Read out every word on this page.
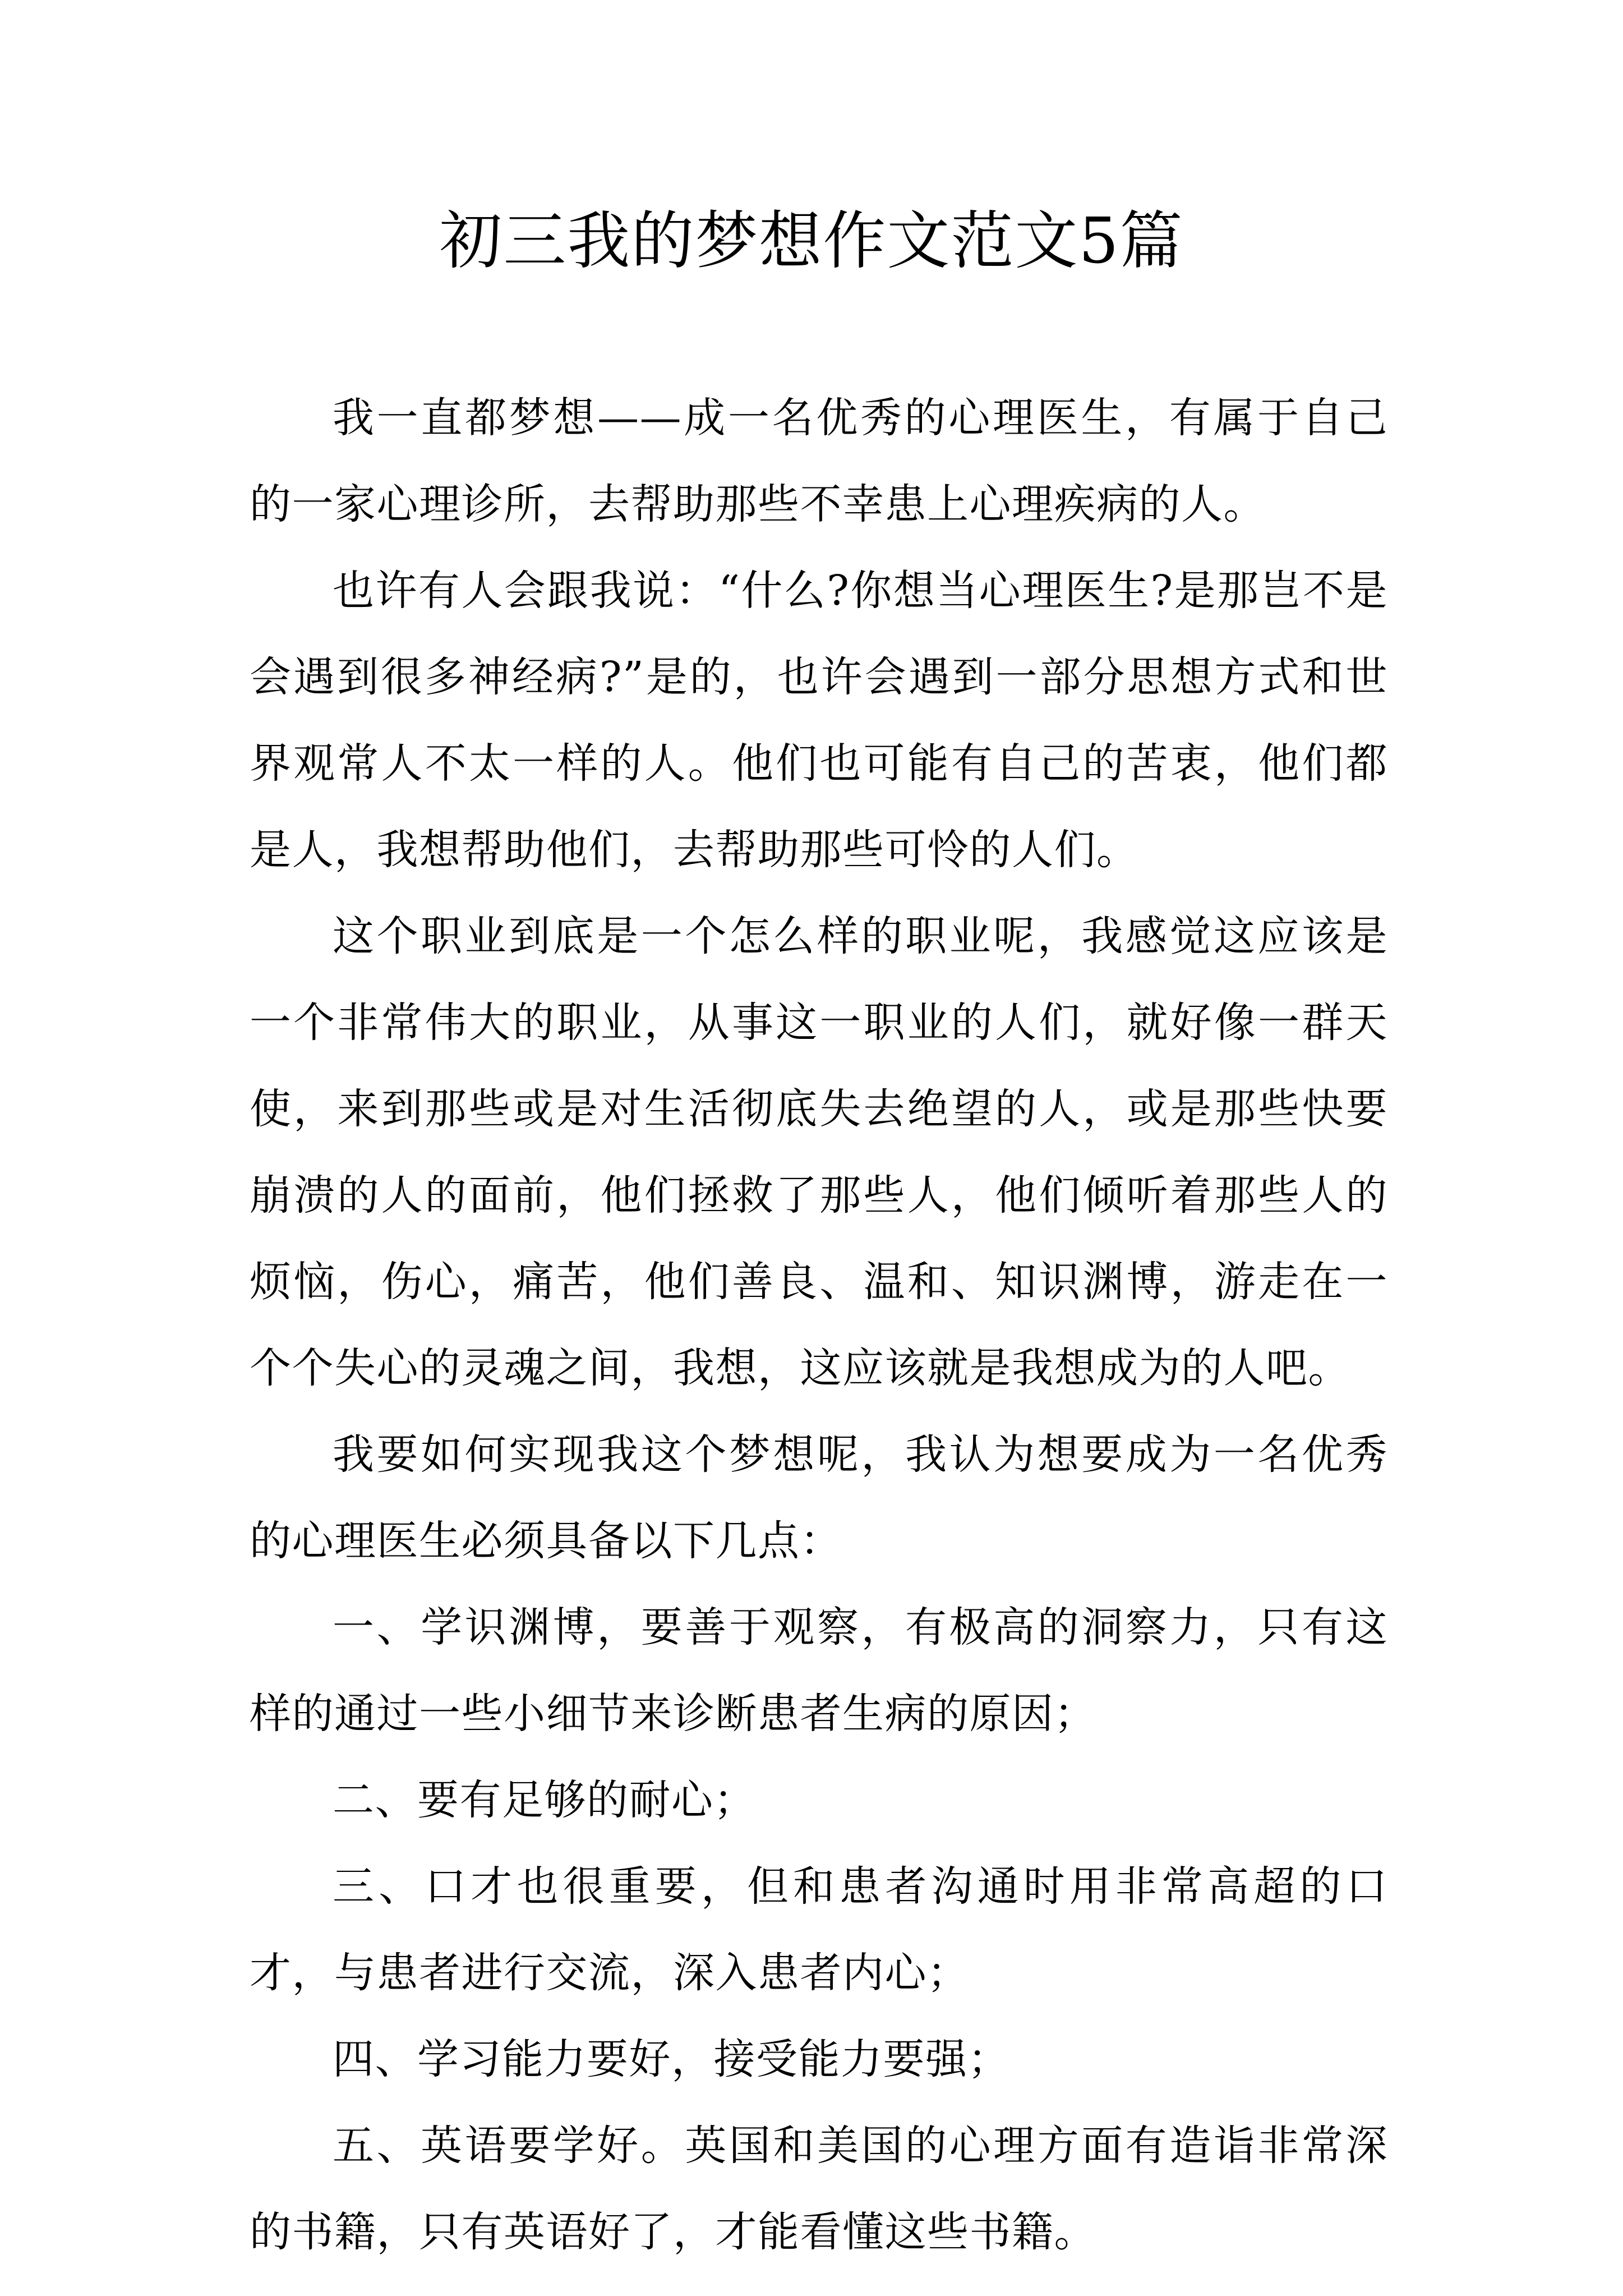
初三我的梦想作文范文5篇

我一直都梦想——成一名优秀的心理医生，有属于自己的一家心理诊所，去帮助那些不幸患上心理疾病的人。

也许有人会跟我说：“什么?你想当心理医生?是那岂不是会遇到很多神经病?”是的，也许会遇到一部分思想方式和世界观常人不太一样的人。他们也可能有自己的苦衷，他们都是人，我想帮助他们，去帮助那些可怜的人们。

这个职业到底是一个怎么样的职业呢，我感觉这应该是一个非常伟大的职业，从事这一职业的人们，就好像一群天使，来到那些或是对生活彻底失去绝望的人，或是那些快要崩溃的人的面前，他们拯救了那些人，他们倾听着那些人的烦恼，伤心，痛苦，他们善良、温和、知识渊博，游走在一个个失心的灵魂之间，我想，这应该就是我想成为的人吧。

我要如何实现我这个梦想呢，我认为想要成为一名优秀的心理医生必须具备以下几点：

一、学识渊博，要善于观察，有极高的洞察力，只有这样的通过一些小细节来诊断患者生病的原因；

二、要有足够的耐心；

三、口才也很重要，但和患者沟通时用非常高超的口才，与患者进行交流，深入患者内心；

四、学习能力要好，接受能力要强；

五、英语要学好。英国和美国的心理方面有造诣非常深的书籍，只有英语好了，才能看懂这些书籍。
